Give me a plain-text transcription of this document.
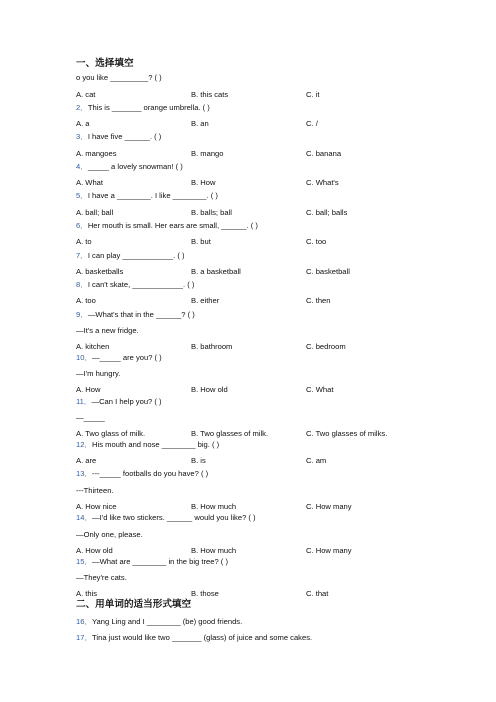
一、选择填空
o you like _________? ( )
A. cat	B. this cats	C. it
2．This is _______ orange umbrella. ( )
A. a	B. an	C. /
3．I have five ______. ( )
A. mangoes	B. mango	C. banana
4．_____ a lovely snowman! ( )
A. What	B. How	C. What's
5．I have a ________. I like ________. ( )
A. ball; ball	B. balls; ball	C. ball; balls
6．Her mouth is small. Her ears are small, ______. ( )
A. to	B. but	C. too
7．I can play ____________. ( )
A. basketballs	B. a basketball	C. basketball
8．I can't skate, ____________. ( )
A. too	B. either	C. then
9．—What's that in the ______? ( )
—It's a new fridge.
A. kitchen	B. bathroom	C. bedroom
10．—_____ are you? ( )
—I'm hungry.
A. How	B. How old	C. What
11．—Can I help you? ( )
—_____
A. Two glass of milk.	B. Two glasses of milk.	C. Two glasses of milks.
12．His mouth and nose ________ big. ( )
A. are	B. is	C. am
13．---_____ footballs do you have? ( )
---Thirteen.
A. How nice	B. How much	C. How many
14．—I'd like two stickers. ______ would you like? ( )
—Only one, please.
A. How old	B. How much	C. How many
15．—What are ________ in the big tree? ( )
—They're cats.
A. this	B. those	C. that
二、用单词的适当形式填空
16．Yang Ling and I ________ (be) good friends.
17．Tina just would like two _______ (glass) of juice and some cakes.
